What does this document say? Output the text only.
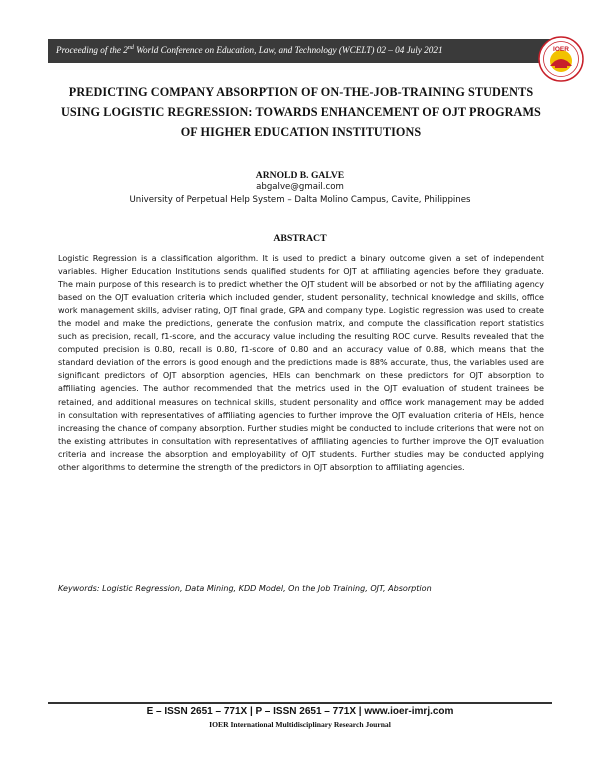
Proceeding of the 2nd World Conference on Education, Law, and Technology (WCELT) 02 – 04 July 2021	IOER
PREDICTING COMPANY ABSORPTION OF ON-THE-JOB-TRAINING STUDENTS
USING LOGISTIC REGRESSION: TOWARDS ENHANCEMENT OF OJT PROGRAMS
OF HIGHER EDUCATION INSTITUTIONS
ARNOLD B. GALVE
abgalve@gmail.com
University of Perpetual Help System – Dalta Molino Campus, Cavite, Philippines
ABSTRACT
Logistic Regression is a classification algorithm. It is used to predict a binary outcome given a set of independent variables. Higher Education Institutions sends qualified students for OJT at affiliating agencies before they graduate. The main purpose of this research is to predict whether the OJT student will be absorbed or not by the affiliating agency based on the OJT evaluation criteria which included gender, student personality, technical knowledge and skills, office work management skills, adviser rating, OJT final grade, GPA and company type. Logistic regression was used to create the model and make the predictions, generate the confusion matrix, and compute the classification report statistics such as precision, recall, f1-score, and the accuracy value including the resulting ROC curve. Results revealed that the computed precision is 0.80, recall is 0.80, f1-score of 0.80 and an accuracy value of 0.88, which means that the standard deviation of the errors is good enough and the predictions made is 88% accurate, thus, the variables used are significant predictors of OJT absorption agencies, HEIs can benchmark on these predictors for OJT absorption to affiliating agencies. The author recommended that the metrics used in the OJT evaluation of student trainees be retained, and additional measures on technical skills, student personality and office work management may be added in consultation with representatives of affiliating agencies to further improve the OJT evaluation criteria of HEIs, hence increasing the chance of company absorption. Further studies might be conducted to include criterions that were not on the existing attributes in consultation with representatives of affiliating agencies to further improve the OJT evaluation criteria and increase the absorption and employability of OJT students. Further studies may be conducted applying other algorithms to determine the strength of the predictors in OJT absorption to affiliating agencies.
Keywords: Logistic Regression, Data Mining, KDD Model, On the Job Training, OJT, Absorption
E – ISSN 2651 – 771X | P – ISSN 2651 – 771X | www.ioer-imrj.com
IOER International Multidisciplinary Research Journal
